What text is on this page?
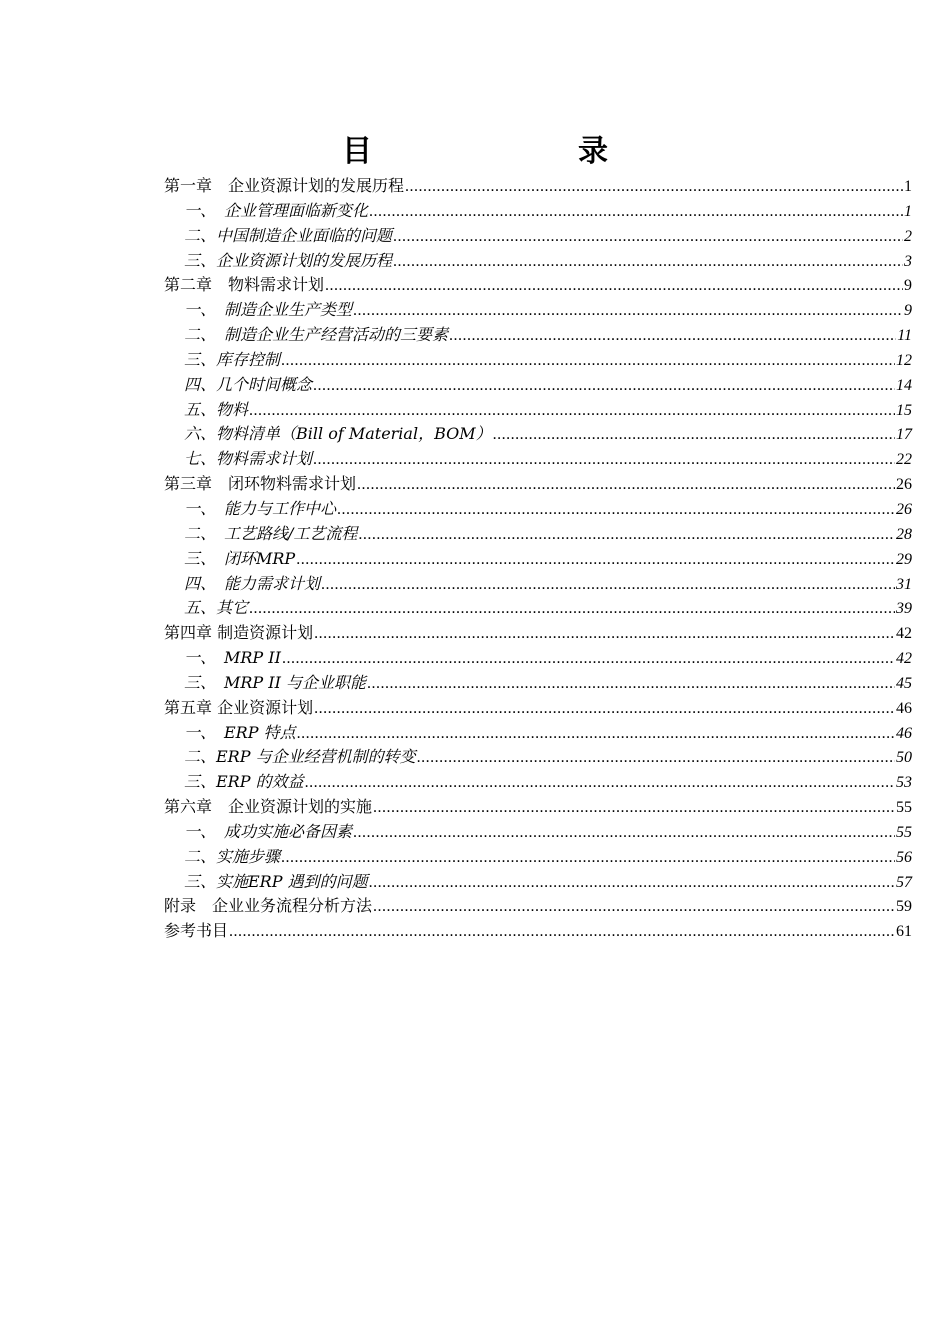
目　录
第一章　企业资源计划的发展历程 .....	1
一、　企业管理面临新变化 .....	1
二、中国制造企业面临的问题 .....	2
三、企业资源计划的发展历程 .....	3
第二章　物料需求计划 .....	9
一、　制造企业生产类型 .....	9
二、　制造企业生产经营活动的三要素 .....	11
三、库存控制 .....	12
四、几个时间概念 .....	14
五、物料 .....	15
六、物料清单（Bill of Material，BOM） .....	17
七、物料需求计划 .....	22
第三章　闭环物料需求计划 .....	26
一、　能力与工作中心 .....	26
二、　工艺路线/工艺流程 .....	28
三、　闭环MRP .....	29
四、　能力需求计划 .....	31
五、其它 .....	39
第四章 制造资源计划 .....	42
一、　MRP II .....	42
三、　MRP II 与企业职能 .....	45
第五章 企业资源计划 .....	46
一、　ERP 特点 .....	46
二、ERP 与企业经营机制的转变 .....	50
三、ERP 的效益 .....	53
第六章　企业资源计划的实施 .....	55
一、　成功实施必备因素 .....	55
二、实施步骤 .....	56
三、实施ERP 遇到的问题 .....	57
附录　企业业务流程分析方法 .....	59
参考书目 .....	61
